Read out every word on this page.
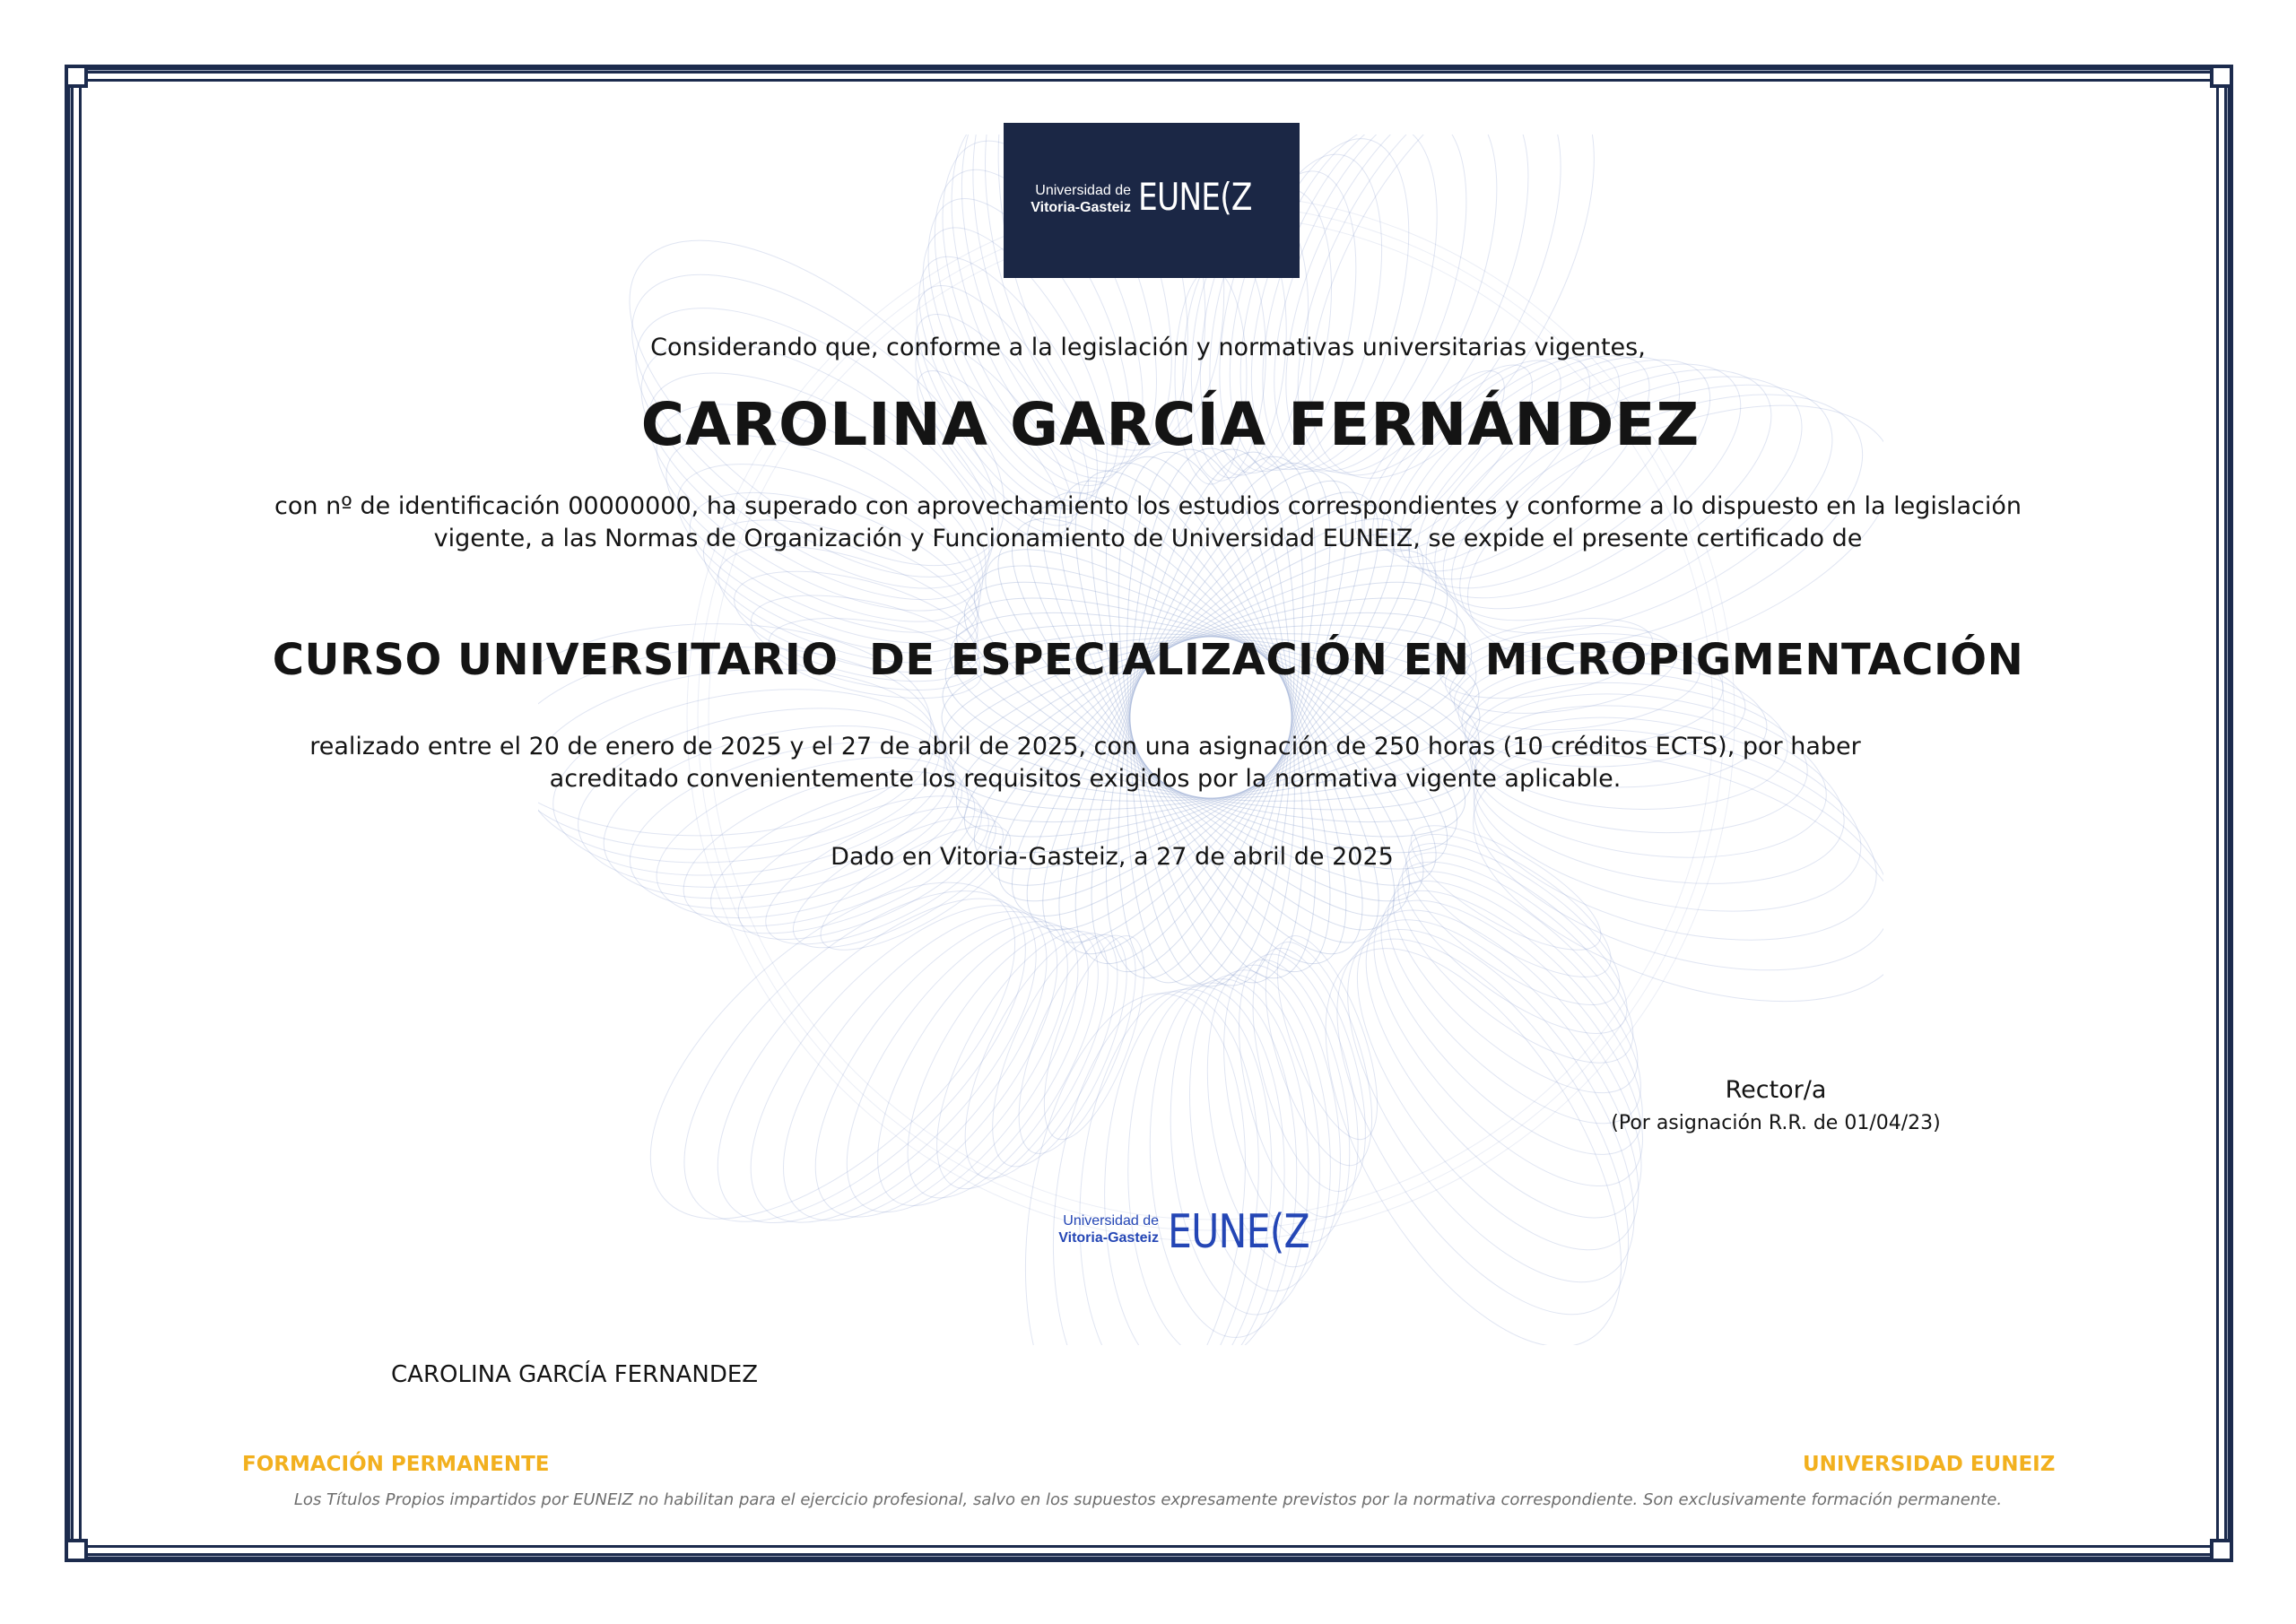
Universidad de
Vitoria-Gasteiz EUNE(Z
Considerando que, conforme a la legislación y normativas universitarias vigentes,
CAROLINA GARCÍA FERNÁNDEZ
con nº de identificación 00000000, ha superado con aprovechamiento los estudios correspondientes y conforme a lo dispuesto en la legislación
vigente, a las Normas de Organización y Funcionamiento de Universidad EUNEIZ, se expide el presente certificado de
CURSO UNIVERSITARIO  DE ESPECIALIZACIÓN EN MICROPIGMENTACIÓN
realizado entre el 20 de enero de 2025 y el 27 de abril de 2025, con una asignación de 250 horas (10 créditos ECTS), por haber
acreditado convenientemente los requisitos exigidos por la normativa vigente aplicable.
Dado en Vitoria-Gasteiz, a 27 de abril de 2025
Rector/a
(Por asignación R.R. de 01/04/23)
Universidad de
Vitoria-Gasteiz EUNE(Z
CAROLINA GARCÍA FERNANDEZ
FORMACIÓN PERMANENTE	UNIVERSIDAD EUNEIZ
Los Títulos Propios impartidos por EUNEIZ no habilitan para el ejercicio profesional, salvo en los supuestos expresamente previstos por la normativa correspondiente. Son exclusivamente formación permanente.
